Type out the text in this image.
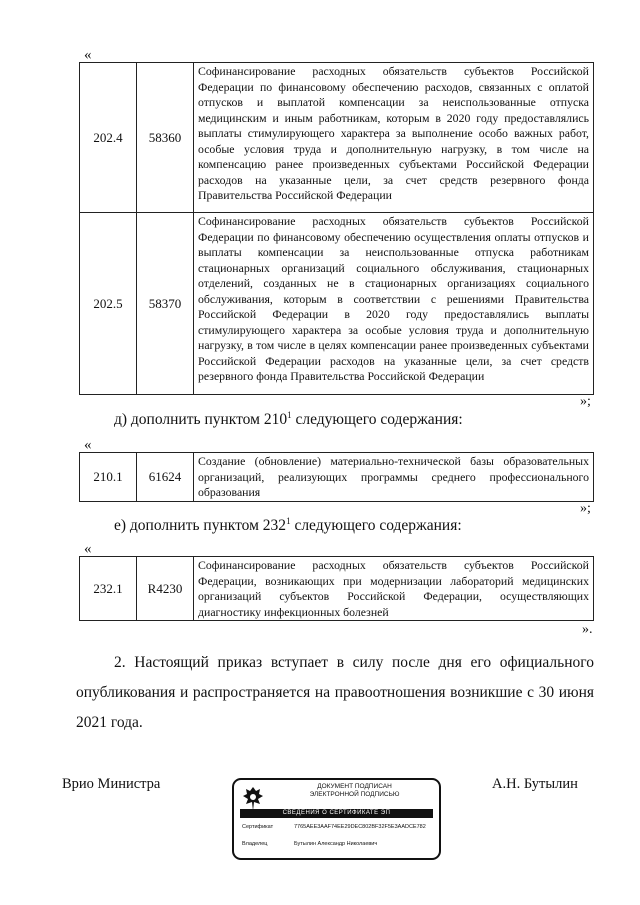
«
202.4	58360	Софинансирование расходных обязательств субъектов Российской Федерации по финансовому обеспечению расходов, связанных с оплатой отпусков и выплатой компенсации за неиспользованные отпуска медицинским и иным работникам, которым в 2020 году предоставлялись выплаты стимулирующего характера за выполнение особо важных работ, особые условия труда и дополнительную нагрузку, в том числе на компенсацию ранее произведенных субъектами Российской Федерации расходов на указанные цели, за счет средств резервного фонда Правительства Российской Федерации
202.5	58370	Софинансирование расходных обязательств субъектов Российской Федерации по финансовому обеспечению осуществления оплаты отпусков и выплаты компенсации за неиспользованные отпуска работникам стационарных организаций социального обслуживания, стационарных отделений, созданных не в стационарных организациях социального обслуживания, которым в соответствии с решениями Правительства Российской Федерации в 2020 году предоставлялись выплаты стимулирующего характера за особые условия труда и дополнительную нагрузку, в том числе в целях компенсации ранее произведенных субъектами Российской Федерации расходов на указанные цели, за счет средств резервного фонда Правительства Российской Федерации
»;
д) дополнить пунктом $210^1$ следующего содержания:
«
210.1	61624	Создание (обновление) материально-технической базы образовательных организаций, реализующих программы среднего профессионального образования
»;
е) дополнить пунктом $232^1$ следующего содержания:
«
232.1	R4230	Софинансирование расходных обязательств субъектов Российской Федерации, возникающих при модернизации лабораторий медицинских организаций субъектов Российской Федерации, осуществляющих диагностику инфекционных болезней
».
2. Настоящий приказ вступает в силу после дня его официального опубликования и распространяется на правоотношения возникшие с 30 июня 2021 года.
Врио Министра	А.Н. Бутылин
ДОКУМЕНТ ПОДПИСАН
ЭЛЕКТРОННОЙ ПОДПИСЬЮ
СВЕДЕНИЯ О СЕРТИФИКАТЕ ЭП
Сертификат	7765AEE3AAF74EE29DEC802BF32F5E3AADCE782
Владелец	Бутылин Александр Николаевич
